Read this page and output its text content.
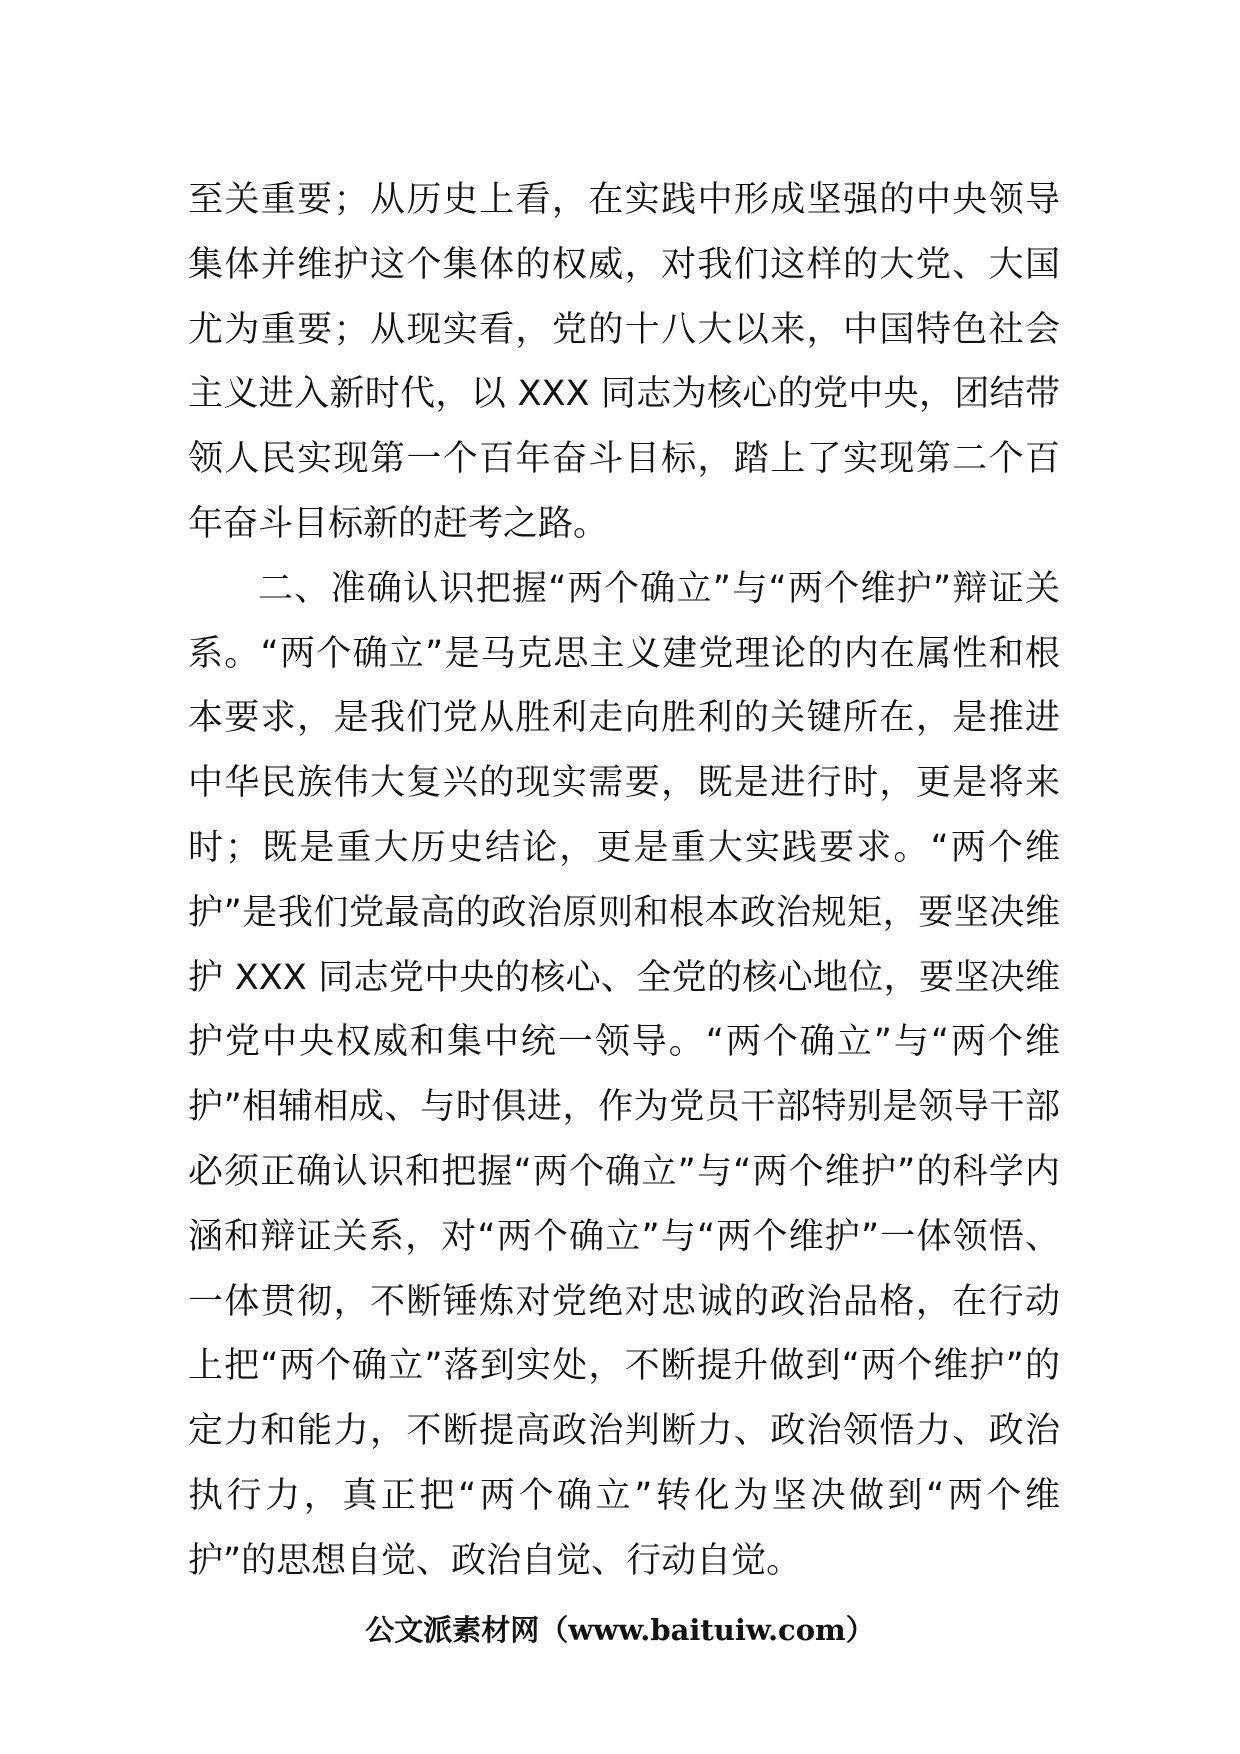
至关重要；从历史上看，在实践中形成坚强的中央领导集体并维护这个集体的权威，对我们这样的大党、大国尤为重要；从现实看，党的十八大以来，中国特色社会主义进入新时代，以 XXX 同志为核心的党中央，团结带领人民实现第一个百年奋斗目标，踏上了实现第二个百年奋斗目标新的赶考之路。

二、准确认识把握“两个确立”与“两个维护”辩证关系。“两个确立”是马克思主义建党理论的内在属性和根本要求，是我们党从胜利走向胜利的关键所在，是推进中华民族伟大复兴的现实需要，既是进行时，更是将来时；既是重大历史结论，更是重大实践要求。“两个维护”是我们党最高的政治原则和根本政治规矩，要坚决维护 XXX 同志党中央的核心、全党的核心地位，要坚决维护党中央权威和集中统一领导。“两个确立”与“两个维护”相辅相成、与时俱进，作为党员干部特别是领导干部必须正确认识和把握“两个确立”与“两个维护”的科学内涵和辩证关系，对“两个确立”与“两个维护”一体领悟、一体贯彻，不断锤炼对党绝对忠诚的政治品格，在行动上把“两个确立”落到实处，不断提升做到“两个维护”的定力和能力，不断提高政治判断力、政治领悟力、政治执行力，真正把“两个确立”转化为坚决做到“两个维护”的思想自觉、政治自觉、行动自觉。

公文派素材网（www.baituiw.com）
